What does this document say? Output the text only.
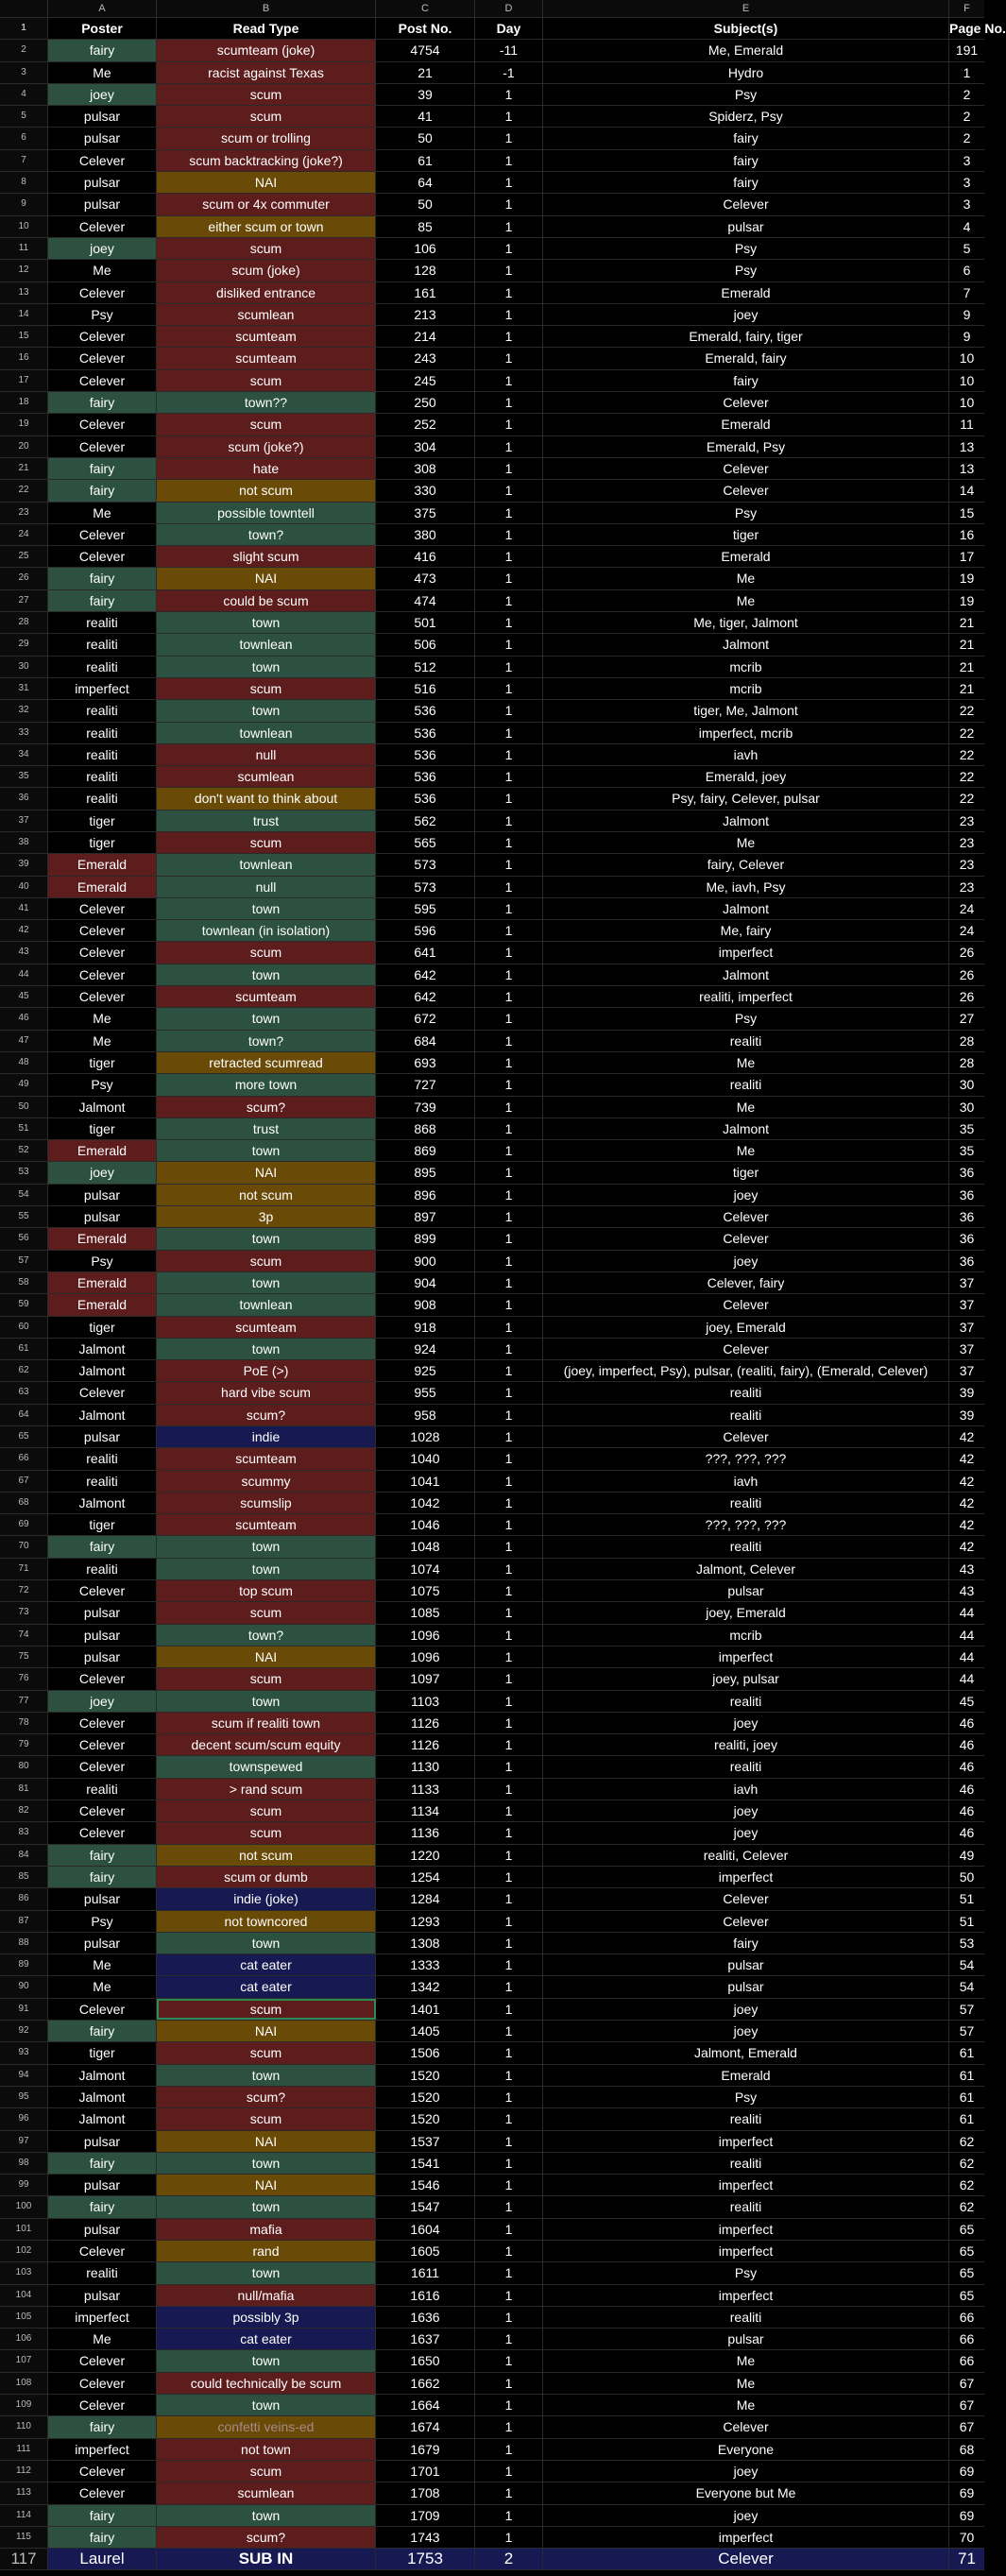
A	B	C	D	E	F
1	Poster	Read Type	Post No.	Day	Subject(s)	Page No.
2	fairy	scumteam (joke)	4754	-11	Me, Emerald	191
3	Me	racist against Texas	21	-1	Hydro	1
4	joey	scum	39	1	Psy	2
5	pulsar	scum	41	1	Spiderz, Psy	2
6	pulsar	scum or trolling	50	1	fairy	2
7	Celever	scum backtracking (joke?)	61	1	fairy	3
8	pulsar	NAI	64	1	fairy	3
9	pulsar	scum or 4x commuter	50	1	Celever	3
10	Celever	either scum or town	85	1	pulsar	4
11	joey	scum	106	1	Psy	5
12	Me	scum (joke)	128	1	Psy	6
13	Celever	disliked entrance	161	1	Emerald	7
14	Psy	scumlean	213	1	joey	9
15	Celever	scumteam	214	1	Emerald, fairy, tiger	9
16	Celever	scumteam	243	1	Emerald, fairy	10
17	Celever	scum	245	1	fairy	10
18	fairy	town??	250	1	Celever	10
19	Celever	scum	252	1	Emerald	11
20	Celever	scum (joke?)	304	1	Emerald, Psy	13
21	fairy	hate	308	1	Celever	13
22	fairy	not scum	330	1	Celever	14
23	Me	possible towntell	375	1	Psy	15
24	Celever	town?	380	1	tiger	16
25	Celever	slight scum	416	1	Emerald	17
26	fairy	NAI	473	1	Me	19
27	fairy	could be scum	474	1	Me	19
28	realiti	town	501	1	Me, tiger, Jalmont	21
29	realiti	townlean	506	1	Jalmont	21
30	realiti	town	512	1	mcrib	21
31	imperfect	scum	516	1	mcrib	21
32	realiti	town	536	1	tiger, Me, Jalmont	22
33	realiti	townlean	536	1	imperfect, mcrib	22
34	realiti	null	536	1	iavh	22
35	realiti	scumlean	536	1	Emerald, joey	22
36	realiti	don't want to think about	536	1	Psy, fairy, Celever, pulsar	22
37	tiger	trust	562	1	Jalmont	23
38	tiger	scum	565	1	Me	23
39	Emerald	townlean	573	1	fairy, Celever	23
40	Emerald	null	573	1	Me, iavh, Psy	23
41	Celever	town	595	1	Jalmont	24
42	Celever	townlean (in isolation)	596	1	Me, fairy	24
43	Celever	scum	641	1	imperfect	26
44	Celever	town	642	1	Jalmont	26
45	Celever	scumteam	642	1	realiti, imperfect	26
46	Me	town	672	1	Psy	27
47	Me	town?	684	1	realiti	28
48	tiger	retracted scumread	693	1	Me	28
49	Psy	more town	727	1	realiti	30
50	Jalmont	scum?	739	1	Me	30
51	tiger	trust	868	1	Jalmont	35
52	Emerald	town	869	1	Me	35
53	joey	NAI	895	1	tiger	36
54	pulsar	not scum	896	1	joey	36
55	pulsar	3p	897	1	Celever	36
56	Emerald	town	899	1	Celever	36
57	Psy	scum	900	1	joey	36
58	Emerald	town	904	1	Celever, fairy	37
59	Emerald	townlean	908	1	Celever	37
60	tiger	scumteam	918	1	joey, Emerald	37
61	Jalmont	town	924	1	Celever	37
62	Jalmont	PoE (>)	925	1	(joey, imperfect, Psy), pulsar, (realiti, fairy), (Emerald, Celever)	37
63	Celever	hard vibe scum	955	1	realiti	39
64	Jalmont	scum?	958	1	realiti	39
65	pulsar	indie	1028	1	Celever	42
66	realiti	scumteam	1040	1	???, ???, ???	42
67	realiti	scummy	1041	1	iavh	42
68	Jalmont	scumslip	1042	1	realiti	42
69	tiger	scumteam	1046	1	???, ???, ???	42
70	fairy	town	1048	1	realiti	42
71	realiti	town	1074	1	Jalmont, Celever	43
72	Celever	top scum	1075	1	pulsar	43
73	pulsar	scum	1085	1	joey, Emerald	44
74	pulsar	town?	1096	1	mcrib	44
75	pulsar	NAI	1096	1	imperfect	44
76	Celever	scum	1097	1	joey, pulsar	44
77	joey	town	1103	1	realiti	45
78	Celever	scum if realiti town	1126	1	joey	46
79	Celever	decent scum/scum equity	1126	1	realiti, joey	46
80	Celever	townspewed	1130	1	realiti	46
81	realiti	> rand scum	1133	1	iavh	46
82	Celever	scum	1134	1	joey	46
83	Celever	scum	1136	1	joey	46
84	fairy	not scum	1220	1	realiti, Celever	49
85	fairy	scum or dumb	1254	1	imperfect	50
86	pulsar	indie (joke)	1284	1	Celever	51
87	Psy	not towncored	1293	1	Celever	51
88	pulsar	town	1308	1	fairy	53
89	Me	cat eater	1333	1	pulsar	54
90	Me	cat eater	1342	1	pulsar	54
91	Celever	scum	1401	1	joey	57
92	fairy	NAI	1405	1	joey	57
93	tiger	scum	1506	1	Jalmont, Emerald	61
94	Jalmont	town	1520	1	Emerald	61
95	Jalmont	scum?	1520	1	Psy	61
96	Jalmont	scum	1520	1	realiti	61
97	pulsar	NAI	1537	1	imperfect	62
98	fairy	town	1541	1	realiti	62
99	pulsar	NAI	1546	1	imperfect	62
100	fairy	town	1547	1	realiti	62
101	pulsar	mafia	1604	1	imperfect	65
102	Celever	rand	1605	1	imperfect	65
103	realiti	town	1611	1	Psy	65
104	pulsar	null/mafia	1616	1	imperfect	65
105	imperfect	possibly 3p	1636	1	realiti	66
106	Me	cat eater	1637	1	pulsar	66
107	Celever	town	1650	1	Me	66
108	Celever	could technically be scum	1662	1	Me	67
109	Celever	town	1664	1	Me	67
110	fairy	confetti veins-ed	1674	1	Celever	67
111	imperfect	not town	1679	1	Everyone	68
112	Celever	scum	1701	1	joey	69
113	Celever	scumlean	1708	1	Everyone but Me	69
114	fairy	town	1709	1	joey	69
115	fairy	scum?	1743	1	imperfect	70
117	Laurel	SUB IN	1753	2	Celever	71
